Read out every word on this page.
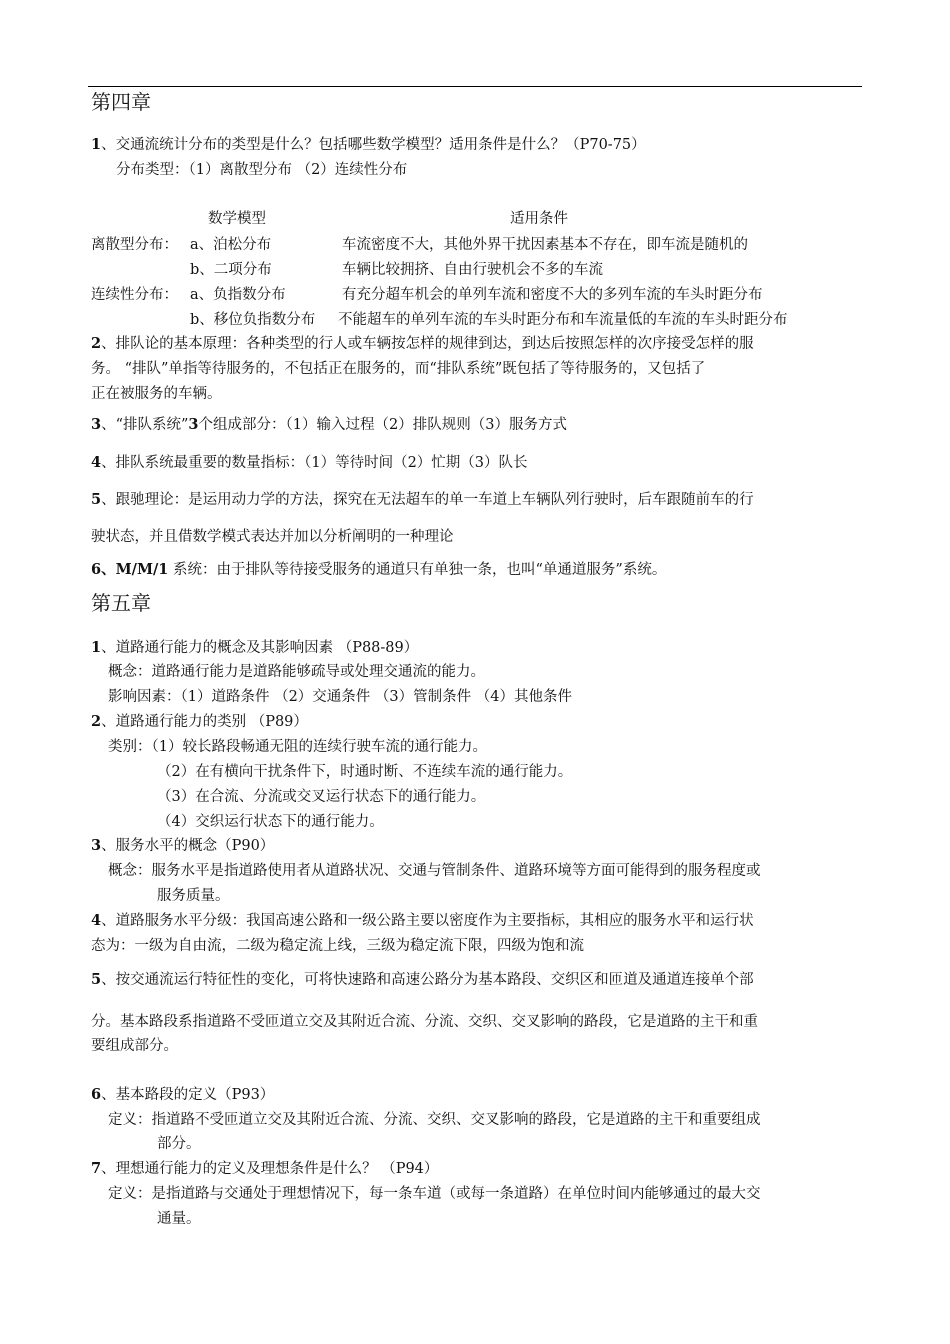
第四章
1、交通流统计分布的类型是什么？包括哪些数学模型？适用条件是什么？（P70-75）
分布类型：（1）离散型分布 （2）连续性分布
数学模型	适用条件
离散型分布： a、泊松分布	车流密度不大，其他外界干扰因素基本不存在，即车流是随机的
b、二项分布	车辆比较拥挤、自由行驶机会不多的车流
连续性分布： a、负指数分布	有充分超车机会的单列车流和密度不大的多列车流的车头时距分布
b、移位负指数分布 不能超车的单列车流的车头时距分布和车流量低的车流的车头时距分布
2、排队论的基本原理：各种类型的行人或车辆按怎样的规律到达，到达后按照怎样的次序接受怎样的服
务。 “排队”单指等待服务的，不包括正在服务的，而“排队系统”既包括了等待服务的，又包括了
正在被服务的车辆。
3、“排队系统”3个组成部分：（1）输入过程（2）排队规则（3）服务方式
4、排队系统最重要的数量指标：（1）等待时间（2）忙期（3）队长
5、跟驰理论：是运用动力学的方法，探究在无法超车的单一车道上车辆队列行驶时，后车跟随前车的行
驶状态，并且借数学模式表达并加以分析阐明的一种理论
6、M/M/1 系统：由于排队等待接受服务的通道只有单独一条，也叫“单通道服务”系统。
第五章
1、道路通行能力的概念及其影响因素 （P88-89）
概念：道路通行能力是道路能够疏导或处理交通流的能力。
影响因素：（1）道路条件 （2）交通条件 （3）管制条件 （4）其他条件
2、道路通行能力的类别 （P89）
类别：（1）较长路段畅通无阻的连续行驶车流的通行能力。
（2）在有横向干扰条件下，时通时断、不连续车流的通行能力。
（3）在合流、分流或交叉运行状态下的通行能力。
（4）交织运行状态下的通行能力。
3、服务水平的概念（P90）
概念：服务水平是指道路使用者从道路状况、交通与管制条件、道路环境等方面可能得到的服务程度或
服务质量。
4、道路服务水平分级：我国高速公路和一级公路主要以密度作为主要指标，其相应的服务水平和运行状
态为：一级为自由流，二级为稳定流上线，三级为稳定流下限，四级为饱和流
5、按交通流运行特征性的变化，可将快速路和高速公路分为基本路段、交织区和匝道及通道连接单个部
分。基本路段系指道路不受匝道立交及其附近合流、分流、交织、交叉影响的路段，它是道路的主干和重
要组成部分。
6、基本路段的定义（P93）
定义：指道路不受匝道立交及其附近合流、分流、交织、交叉影响的路段，它是道路的主干和重要组成
部分。
7、理想通行能力的定义及理想条件是什么？ （P94）
定义：是指道路与交通处于理想情况下，每一条车道（或每一条道路）在单位时间内能够通过的最大交
通量。
